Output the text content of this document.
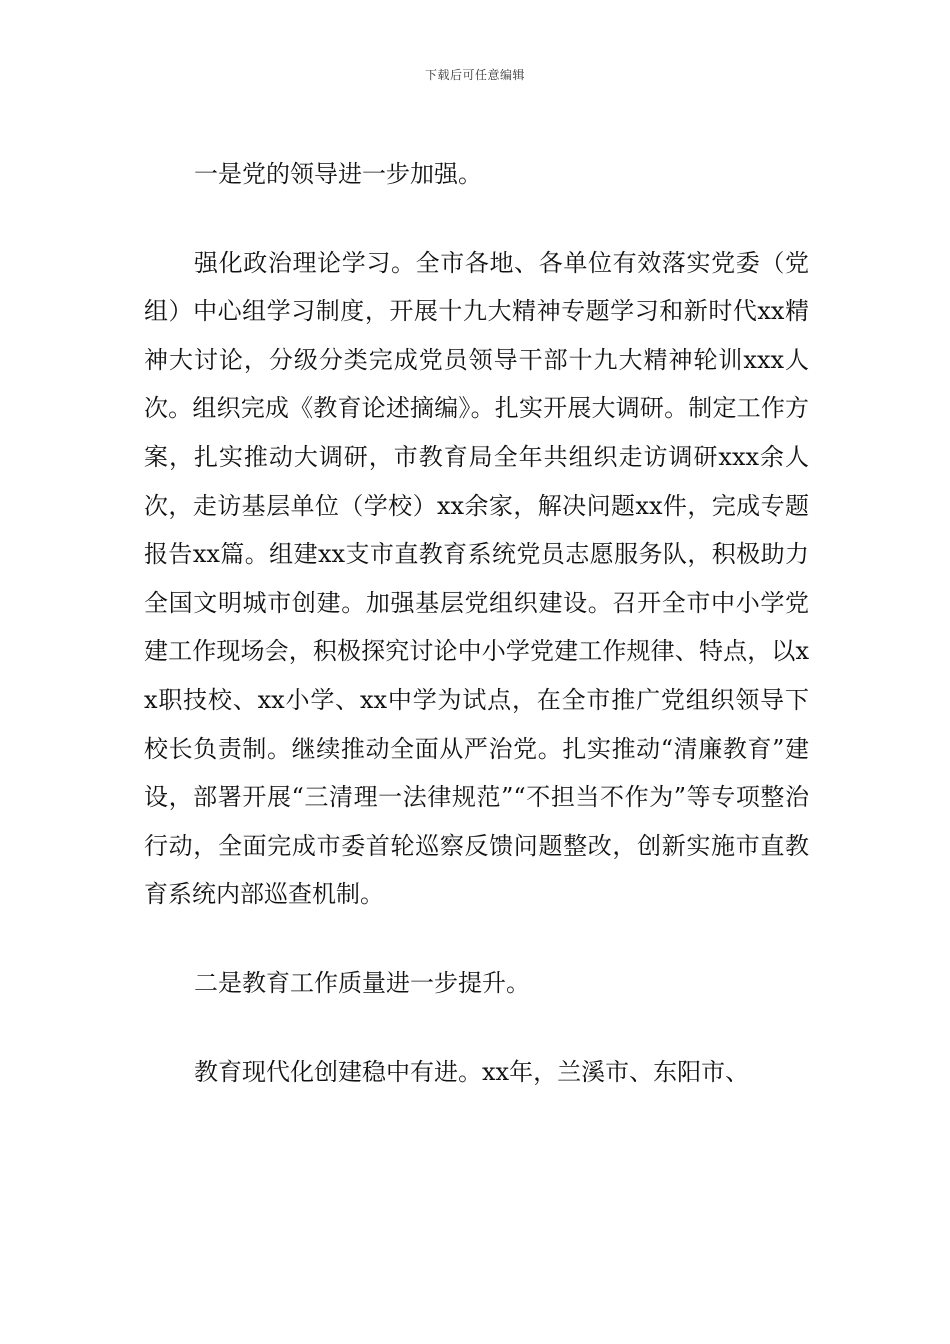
下载后可任意编辑

一是党的领导进一步加强。

强化政治理论学习。全市各地、各单位有效落实党委（党组）中心组学习制度，开展十九大精神专题学习和新时代xx精神大讨论，分级分类完成党员领导干部十九大精神轮训xxx人次。组织完成《教育论述摘编》。扎实开展大调研。制定工作方案，扎实推动大调研，市教育局全年共组织走访调研xxx余人次，走访基层单位（学校）xx余家，解决问题xx件，完成专题报告xx篇。组建xx支市直教育系统党员志愿服务队，积极助力全国文明城市创建。加强基层党组织建设。召开全市中小学党建工作现场会，积极探究讨论中小学党建工作规律、特点，以xx职技校、xx小学、xx中学为试点，在全市推广党组织领导下校长负责制。继续推动全面从严治党。扎实推动“清廉教育”建设，部署开展“三清理一法律规范”“不担当不作为”等专项整治行动，全面完成市委首轮巡察反馈问题整改，创新实施市直教育系统内部巡查机制。

二是教育工作质量进一步提升。

教育现代化创建稳中有进。xx年，兰溪市、东阳市、
